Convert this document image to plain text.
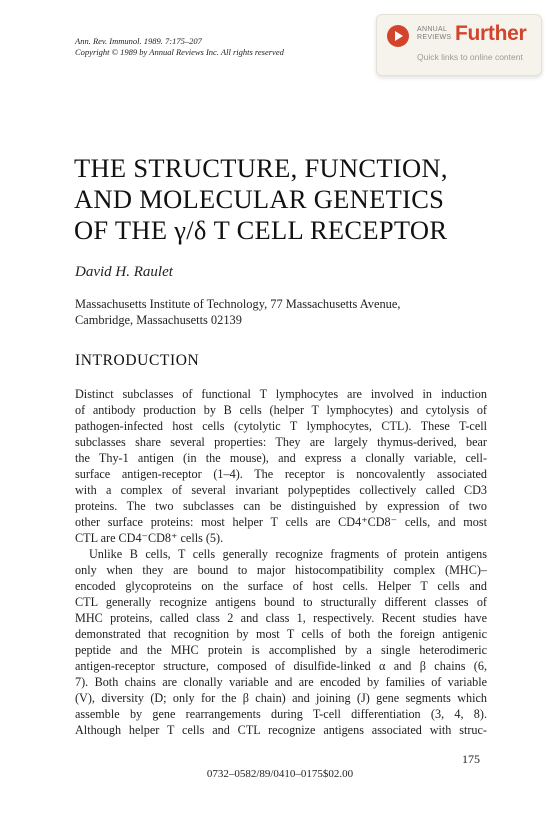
Ann. Rev. Immunol. 1989. 7:175–207
Copyright © 1989 by Annual Reviews Inc. All rights reserved
ANNUAL
REVIEWS Further
Quick links to online content
THE STRUCTURE, FUNCTION,
AND MOLECULAR GENETICS
OF THE γ/δ T CELL RECEPTOR
David H. Raulet
Massachusetts Institute of Technology, 77 Massachusetts Avenue,
Cambridge, Massachusetts 02139
INTRODUCTION
Distinct subclasses of functional T lymphocytes are involved in induction
of antibody production by B cells (helper T lymphocytes) and cytolysis of
pathogen-infected host cells (cytolytic T lymphocytes, CTL). These T-cell
subclasses share several properties: They are largely thymus-derived, bear
the Thy-1 antigen (in the mouse), and express a clonally variable, cell-
surface antigen-receptor (1–4). The receptor is noncovalently associated
with a complex of several invariant polypeptides collectively called CD3
proteins. The two subclasses can be distinguished by expression of two
other surface proteins: most helper T cells are CD4⁺CD8⁻ cells, and most
CTL are CD4⁻CD8⁺ cells (5).
Unlike B cells, T cells generally recognize fragments of protein antigens
only when they are bound to major histocompatibility complex (MHC)–
encoded glycoproteins on the surface of host cells. Helper T cells and
CTL generally recognize antigens bound to structurally different classes of
MHC proteins, called class 2 and class 1, respectively. Recent studies have
demonstrated that recognition by most T cells of both the foreign antigenic
peptide and the MHC protein is accomplished by a single heterodimeric
antigen-receptor structure, composed of disulfide-linked α and β chains (6,
7). Both chains are clonally variable and are encoded by families of variable
(V), diversity (D; only for the β chain) and joining (J) gene segments which
assemble by gene rearrangements during T-cell differentiation (3, 4, 8).
Although helper T cells and CTL recognize antigens associated with struc-
175
0732–0582/89/0410–0175$02.00
